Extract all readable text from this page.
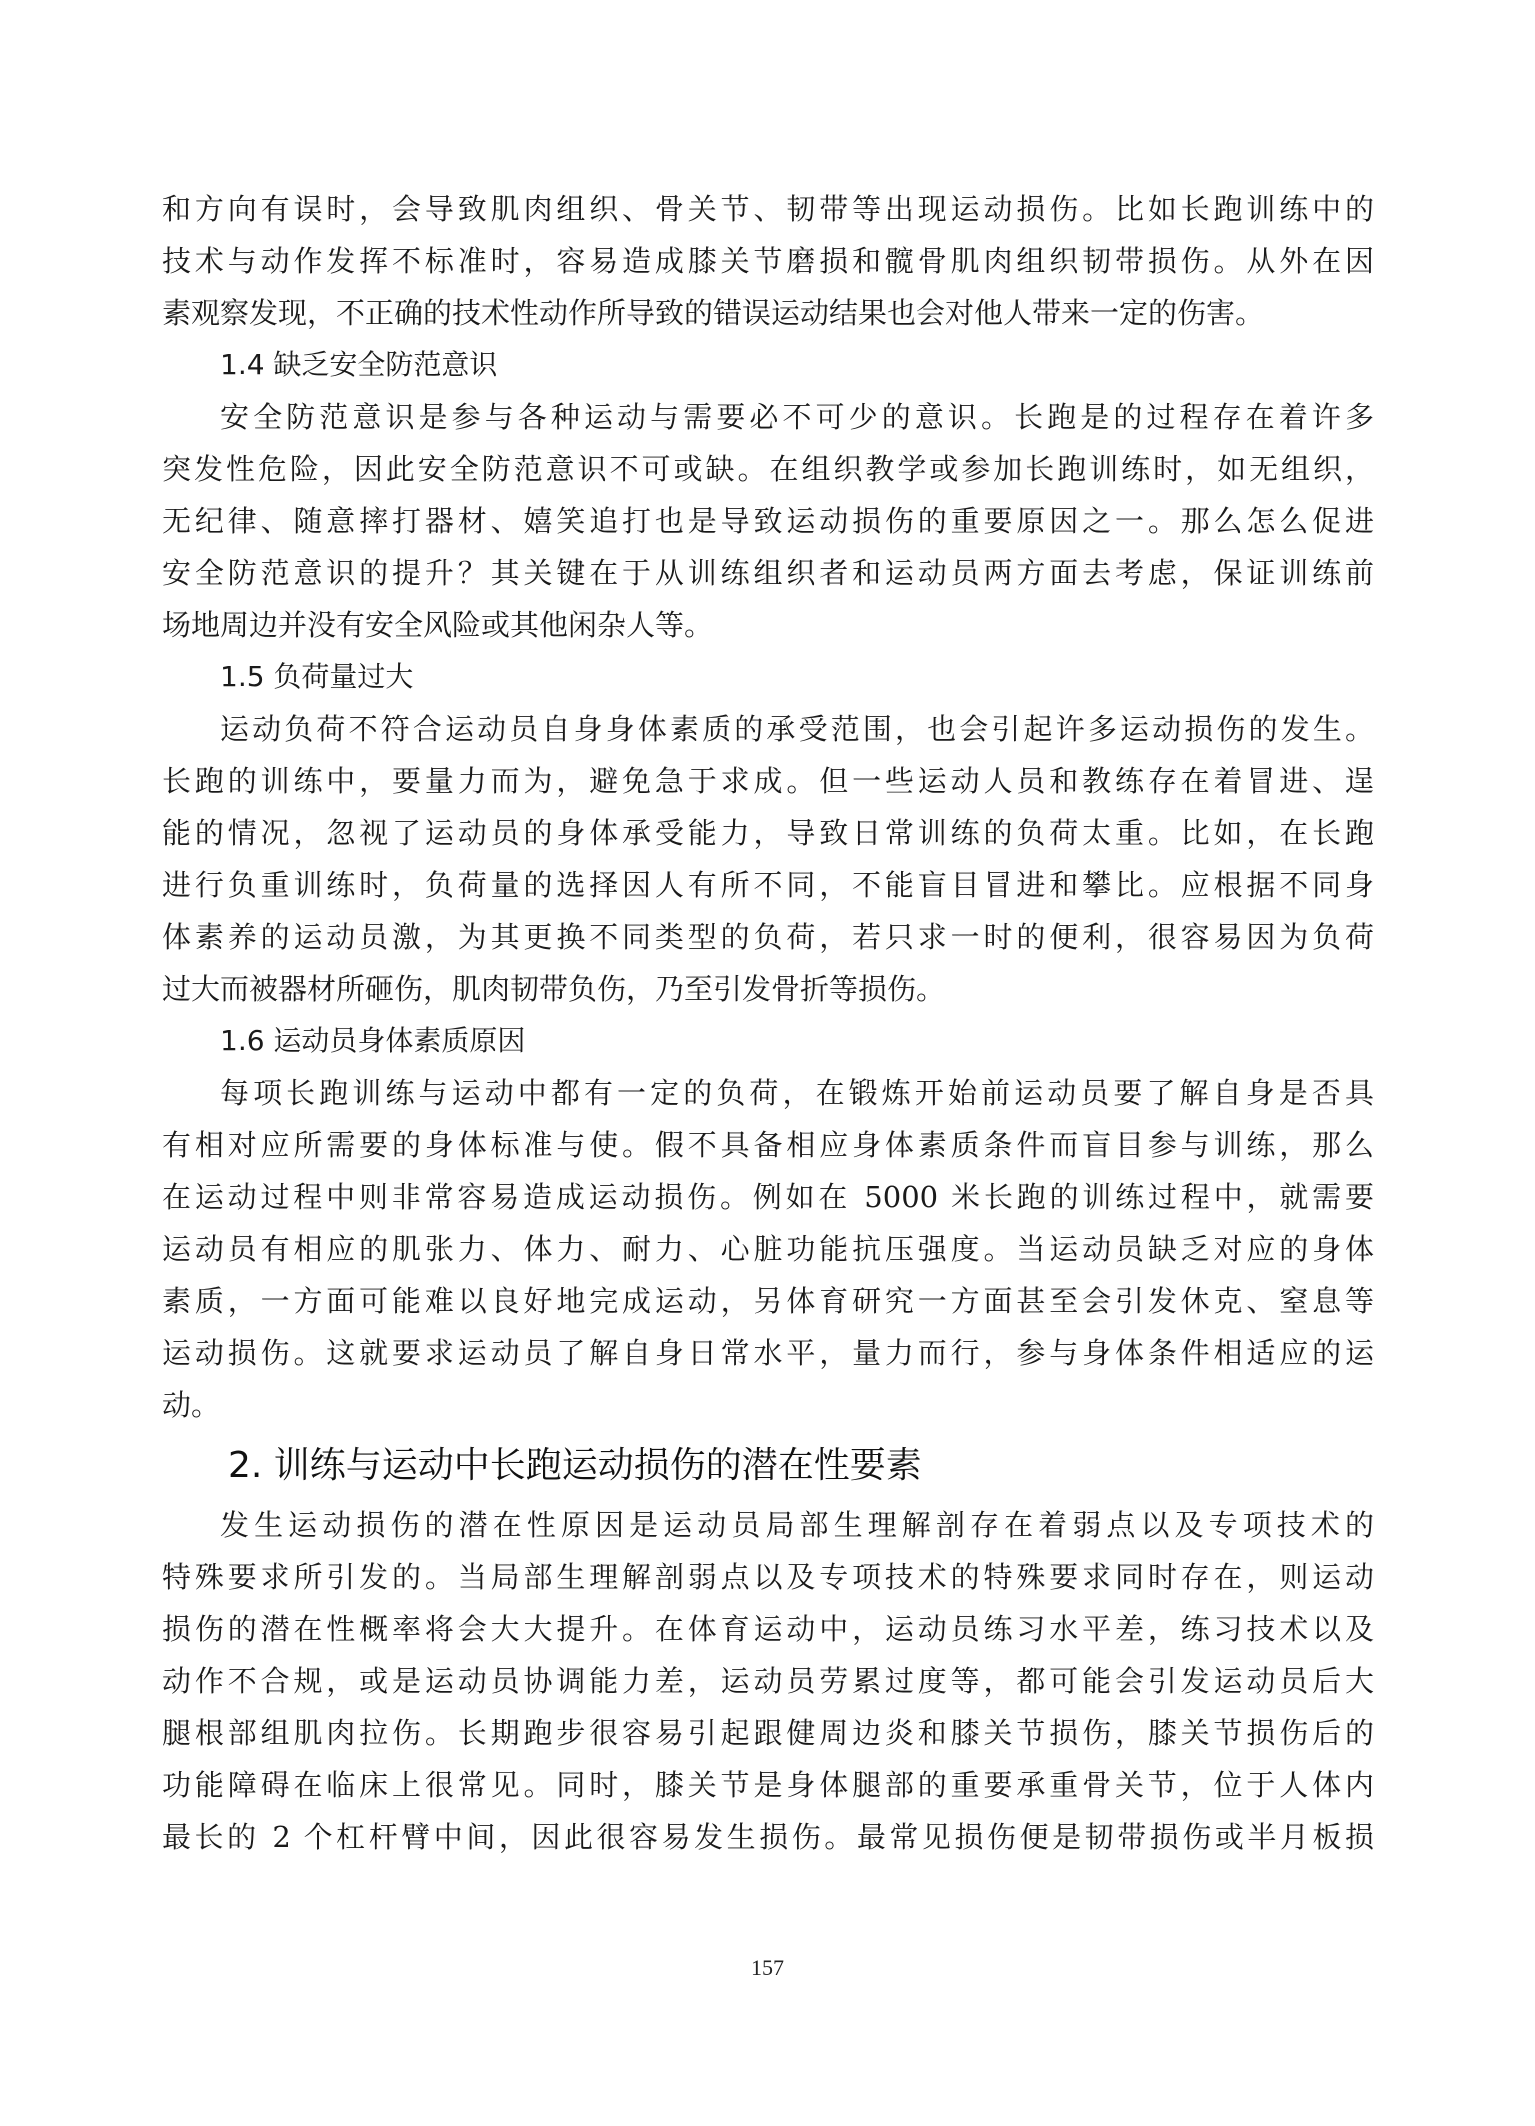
和方向有误时，会导致肌肉组织、骨关节、韧带等出现运动损伤。比如长跑训练中的
技术与动作发挥不标准时，容易造成膝关节磨损和髋骨肌肉组织韧带损伤。从外在因
素观察发现，不正确的技术性动作所导致的错误运动结果也会对他人带来一定的伤害。
1.4 缺乏安全防范意识
安全防范意识是参与各种运动与需要必不可少的意识。长跑是的过程存在着许多
突发性危险，因此安全防范意识不可或缺。在组织教学或参加长跑训练时，如无组织，
无纪律、随意摔打器材、嬉笑追打也是导致运动损伤的重要原因之一。那么怎么促进
安全防范意识的提升？其关键在于从训练组织者和运动员两方面去考虑，保证训练前
场地周边并没有安全风险或其他闲杂人等。
1.5 负荷量过大
运动负荷不符合运动员自身身体素质的承受范围，也会引起许多运动损伤的发生。
长跑的训练中，要量力而为，避免急于求成。但一些运动人员和教练存在着冒进、逞
能的情况，忽视了运动员的身体承受能力，导致日常训练的负荷太重。比如，在长跑
进行负重训练时，负荷量的选择因人有所不同，不能盲目冒进和攀比。应根据不同身
体素养的运动员激，为其更换不同类型的负荷，若只求一时的便利，很容易因为负荷
过大而被器材所砸伤，肌肉韧带负伤，乃至引发骨折等损伤。
1.6 运动员身体素质原因
每项长跑训练与运动中都有一定的负荷，在锻炼开始前运动员要了解自身是否具
有相对应所需要的身体标准与使。假不具备相应身体素质条件而盲目参与训练，那么
在运动过程中则非常容易造成运动损伤。例如在 5000 米长跑的训练过程中，就需要
运动员有相应的肌张力、体力、耐力、心脏功能抗压强度。当运动员缺乏对应的身体
素质，一方面可能难以良好地完成运动，另体育研究一方面甚至会引发休克、窒息等
运动损伤。这就要求运动员了解自身日常水平，量力而行，参与身体条件相适应的运
动。
2. 训练与运动中长跑运动损伤的潜在性要素
发生运动损伤的潜在性原因是运动员局部生理解剖存在着弱点以及专项技术的
特殊要求所引发的。当局部生理解剖弱点以及专项技术的特殊要求同时存在，则运动
损伤的潜在性概率将会大大提升。在体育运动中，运动员练习水平差，练习技术以及
动作不合规，或是运动员协调能力差，运动员劳累过度等，都可能会引发运动员后大
腿根部组肌肉拉伤。长期跑步很容易引起跟健周边炎和膝关节损伤，膝关节损伤后的
功能障碍在临床上很常见。同时，膝关节是身体腿部的重要承重骨关节，位于人体内
最长的 2 个杠杆臂中间，因此很容易发生损伤。最常见损伤便是韧带损伤或半月板损
157
